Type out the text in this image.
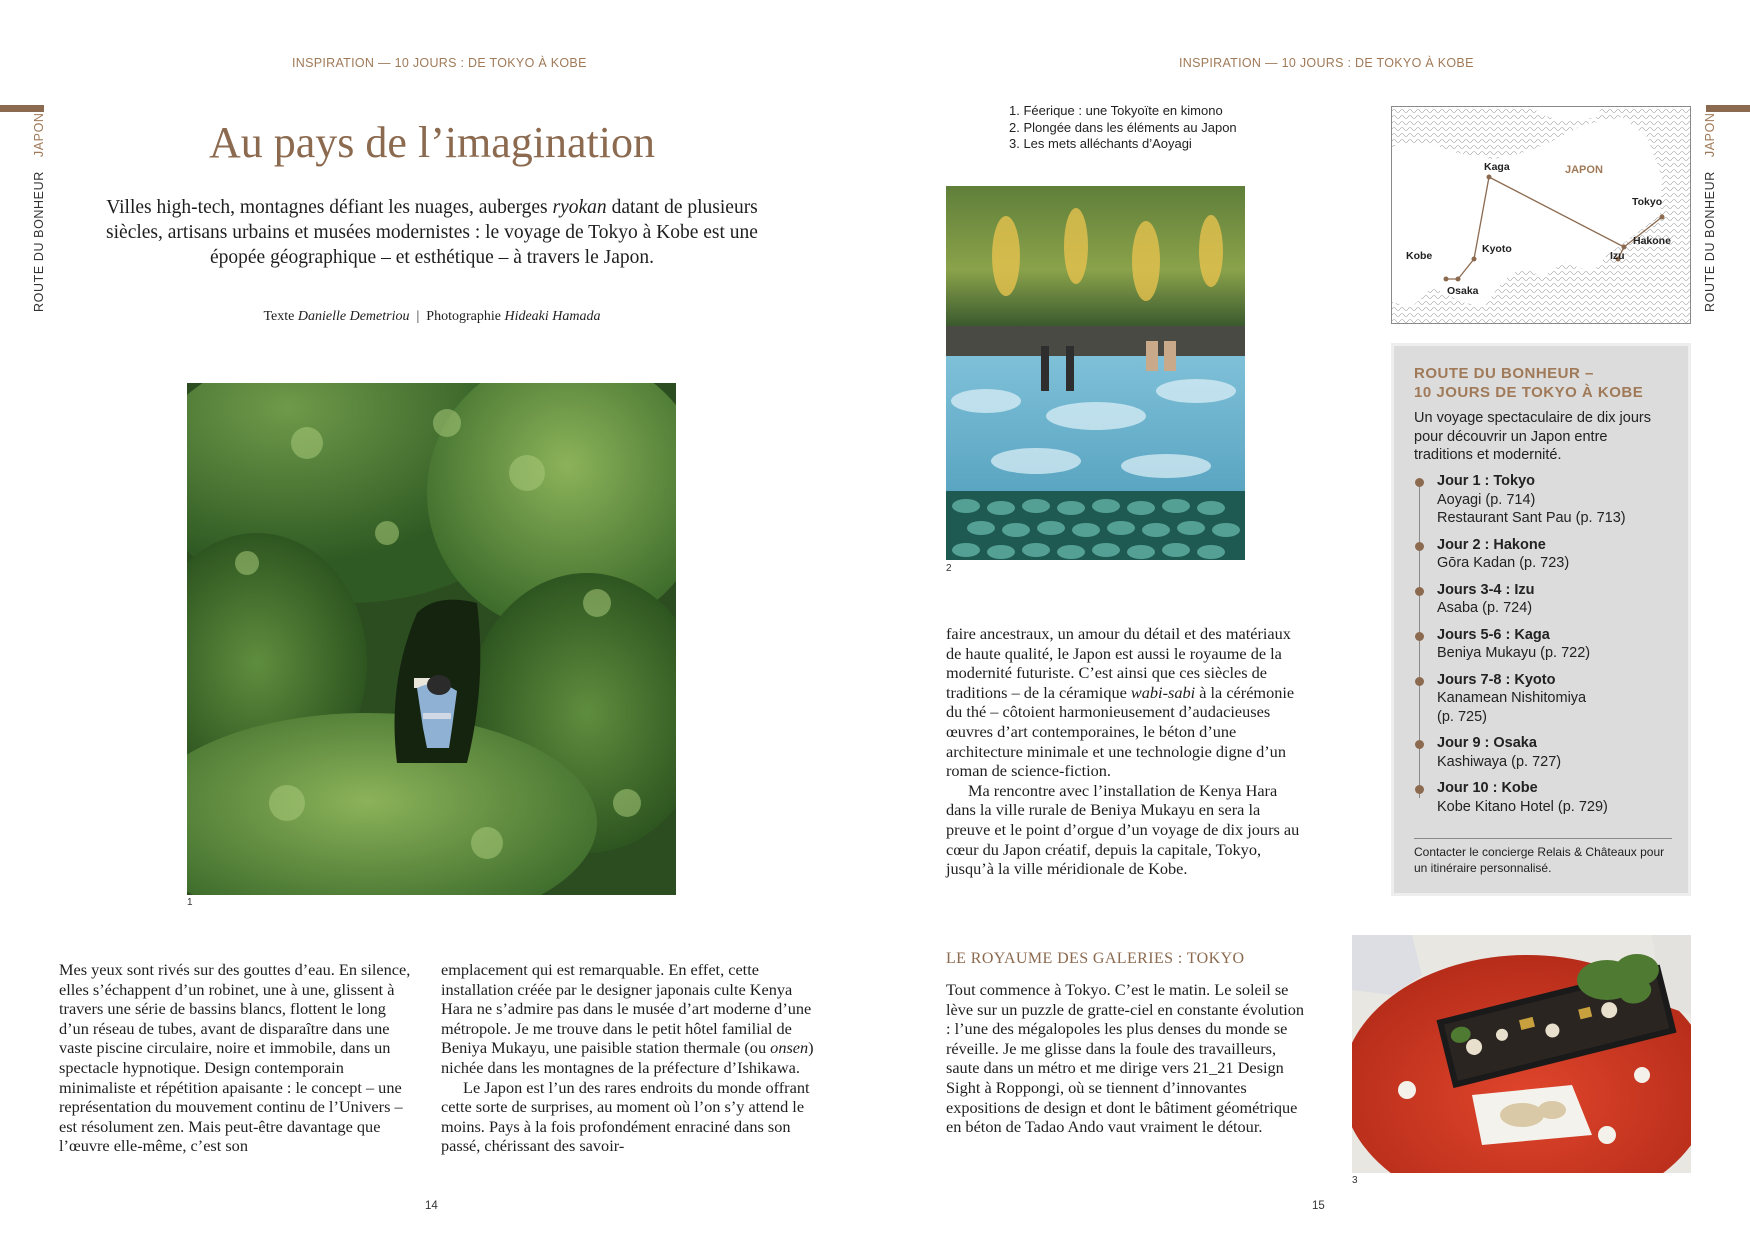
INSPIRATION — 10 JOURS : DE TOKYO À KOBE
ROUTE DU BONHEURJAPON	Au pays de l’imagination
Villes high-tech, montagnes défiant les nuages, auberges ryokan datant de plusieurs siècles, artisans urbains et musées modernistes : le voyage de Tokyo à Kobe est une épopée géographique – et esthétique – à travers le Japon.
Texte Danielle Demetriou | Photographie Hideaki Hamada
1

Mes yeux sont rivés sur des gouttes d’eau. En silence, elles s’échappent d’un robinet, une à une, glissent à travers une série de bassins blancs, flottent le long d’un réseau de tubes, avant de disparaître dans une vaste piscine circulaire, noire et immobile, dans un spectacle hypnotique. Design contemporain minimaliste et répétition apaisante : le concept – une représentation du mouvement continu de l’Univers – est résolument zen. Mais peut-être davantage que l’œuvre elle-même, c’est son

emplacement qui est remarquable. En effet, cette installation créée par le designer japonais culte Kenya Hara ne s’admire pas dans le musée d’art moderne d’une métropole. Je me trouve dans le petit hôtel familial de Beniya Mukayu, une paisible station thermale (ou onsen) nichée dans les montagnes de la préfecture d’Ishikawa.

Le Japon est l’un des rares endroits du monde offrant cette sorte de surprises, au moment où l’on s’y attend le moins. Pays à la fois profondément enraciné dans son passé, chérissant des savoir-

14
INSPIRATION — 10 JOURS : DE TOKYO À KOBE
ROUTE DU BONHEURJAPON
1. Féerique : une Tokyoïte en kimono
2. Plongée dans les éléments au Japon
3. Les mets alléchants d’Aoyagi
2

faire ancestraux, un amour du détail et des matériaux de haute qualité, le Japon est aussi le royaume de la modernité futuriste. C’est ainsi que ces siècles de traditions – de la céramique wabi-sabi à la cérémonie du thé – côtoient harmonieusement d’audacieuses œuvres d’art contemporaines, le béton d’une architecture minimale et une technologie digne d’un roman de science-fiction.

Ma rencontre avec l’installation de Kenya Hara dans la ville rurale de Beniya Mukayu en sera la preuve et le point d’orgue d’un voyage de dix jours au cœur du Japon créatif, depuis la capitale, Tokyo, jusqu’à la ville méridionale de Kobe.

LE ROYAUME DES GALERIES : TOKYO

Tout commence à Tokyo. C’est le matin. Le soleil se lève sur un puzzle de gratte-ciel en constante évolution : l’une des mégalopoles les plus denses du monde se réveille. Je me glisse dans la foule des travailleurs, saute dans un métro et me dirige vers 21_21 Design Sight à Roppongi, où se tiennent d’innovantes expositions de design et dont le bâtiment géométrique en béton de Tadao Ando vaut vraiment le détour.

JAPON
Kaga
Tokyo
Hakone
Izu
Kyoto
Kobe
Osaka
ROUTE DU BONHEUR –
10 JOURS DE TOKYO À KOBE
Un voyage spectaculaire de dix jours pour découvrir un Japon entre traditions et modernité.
Jour 1 : Tokyo
Aoyagi (p. 714)
Restaurant Sant Pau (p. 713)
Jour 2 : Hakone
Gōra Kadan (p. 723)
Jours 3-4 : Izu
Asaba (p. 724)
Jours 5-6 : Kaga
Beniya Mukayu (p. 722)
Jours 7-8 : Kyoto
Kanamean Nishitomiya
(p. 725)
Jour 9 : Osaka
Kashiwaya (p. 727)
Jour 10 : Kobe
Kobe Kitano Hotel (p. 729)
Contacter le concierge Relais & Châteaux pour un itinéraire personnalisé.
3
15
